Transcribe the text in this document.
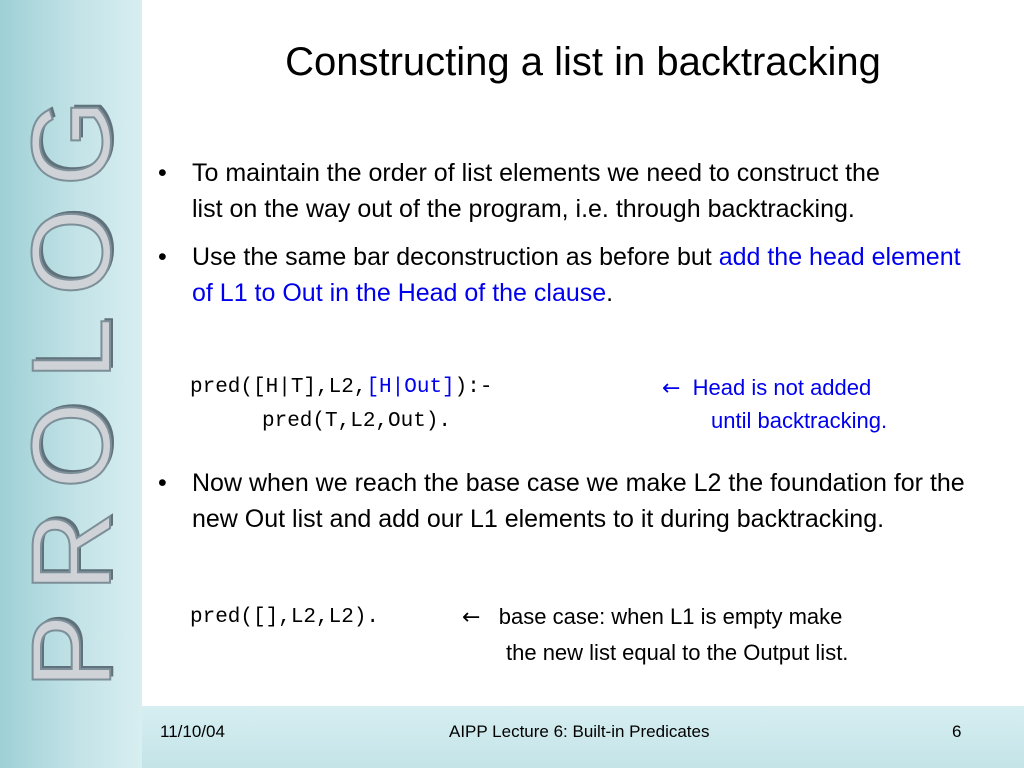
PROLOG
Constructing a list in backtracking
• To maintain the order of list elements we need to construct the list on the way out of the program, i.e. through backtracking.
• Use the same bar deconstruction as before but add the head element of L1 to Out in the Head of the clause.
pred([H|T],L2,[H|Out]):-
pred(T,L2,Out).
← Head is not added
until backtracking.
• Now when we reach the base case we make L2 the foundation for the new Out list and add our L1 elements to it during backtracking.
pred([],L2,L2).	← base case: when L1 is empty make
the new list equal to the Output list.
11/10/04	AIPP Lecture 6: Built-in Predicates	6
